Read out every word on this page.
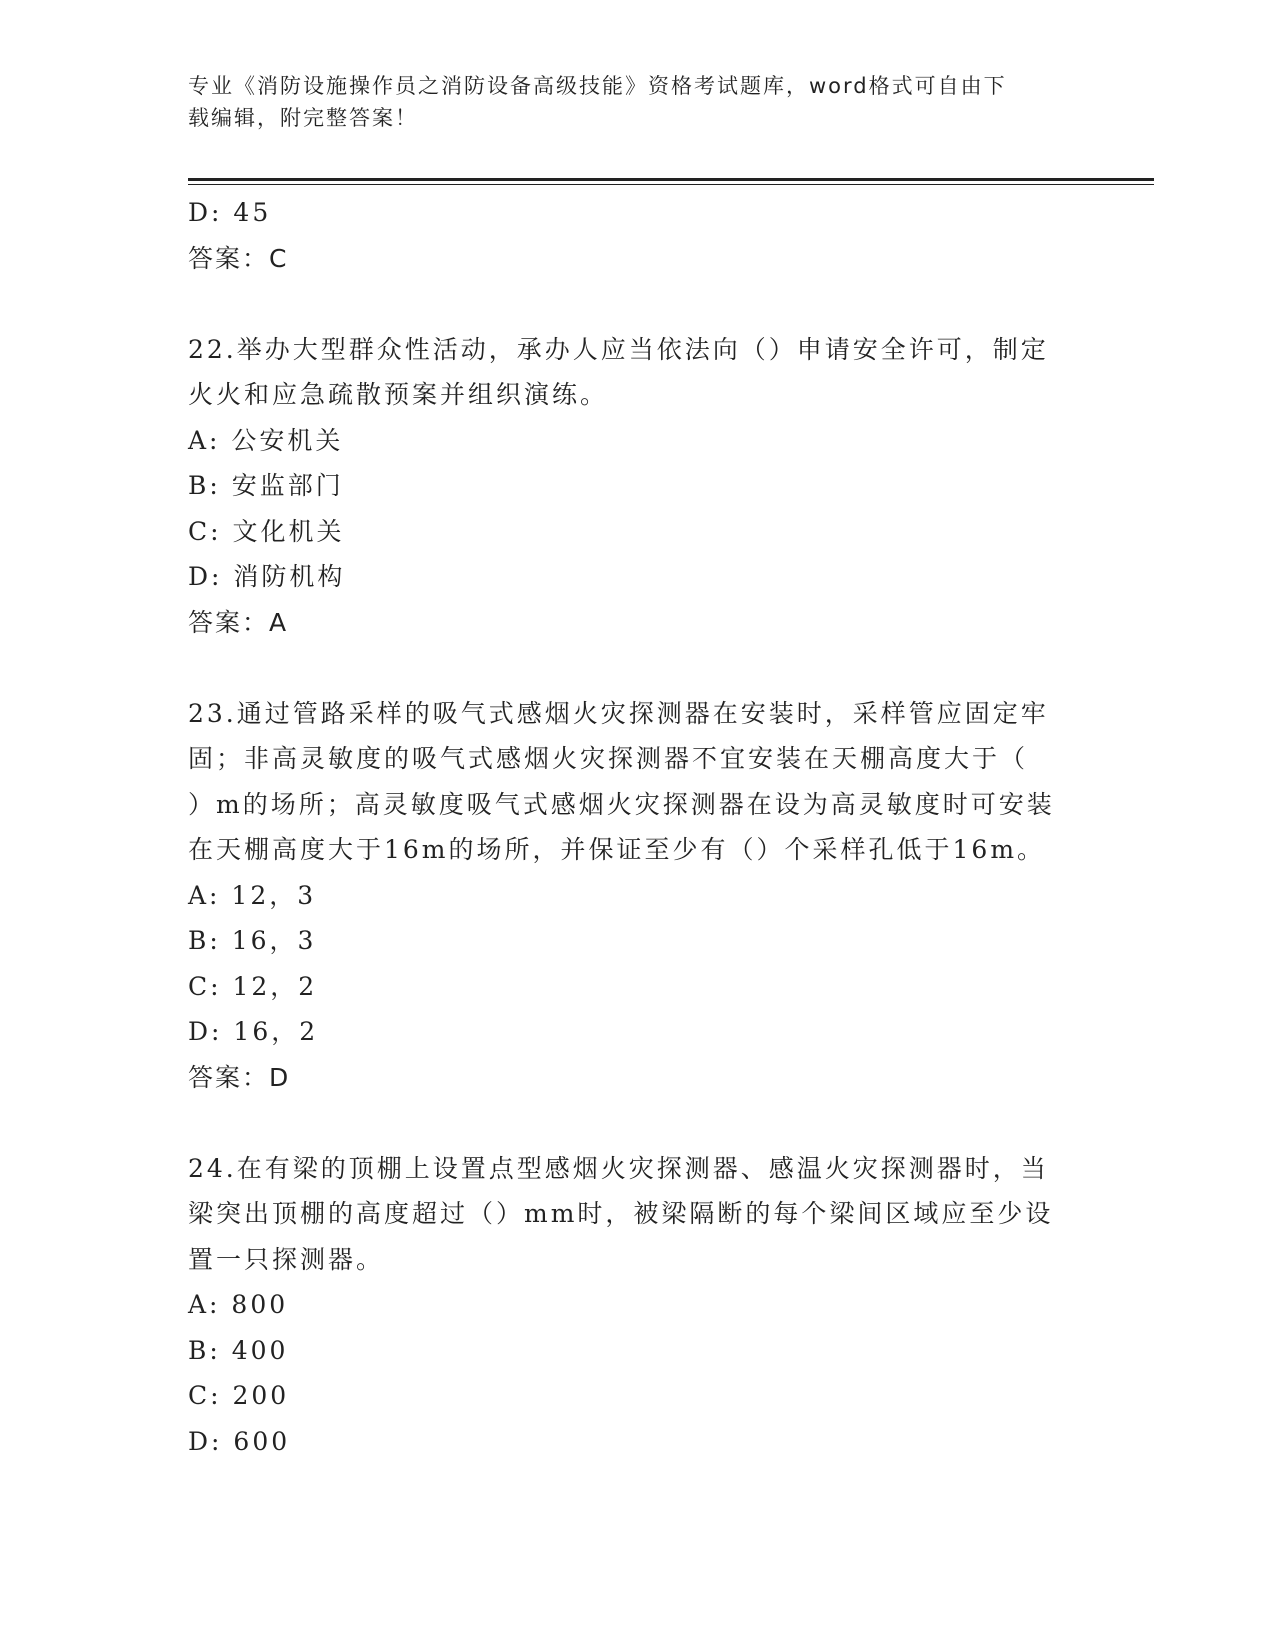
专业《消防设施操作员之消防设备高级技能》资格考试题库，word格式可自由下
载编辑，附完整答案！
D: 45
答案：C
22.举办大型群众性活动，承办人应当依法向（）申请安全许可，制定
火火和应急疏散预案并组织演练。
A: 公安机关
B: 安监部门
C: 文化机关
D: 消防机构
答案：A
23.通过管路采样的吸气式感烟火灾探测器在安装时，采样管应固定牢
固；非高灵敏度的吸气式感烟火灾探测器不宜安装在天棚高度大于（
）m的场所；高灵敏度吸气式感烟火灾探测器在设为高灵敏度时可安装
在天棚高度大于16m的场所，并保证至少有（）个采样孔低于16m。
A: 12，3
B: 16，3
C: 12，2
D: 16，2
答案：D
24.在有梁的顶棚上设置点型感烟火灾探测器、感温火灾探测器时，当
梁突出顶棚的高度超过（）mm时，被梁隔断的每个梁间区域应至少设
置一只探测器。
A: 800
B: 400
C: 200
D: 600
